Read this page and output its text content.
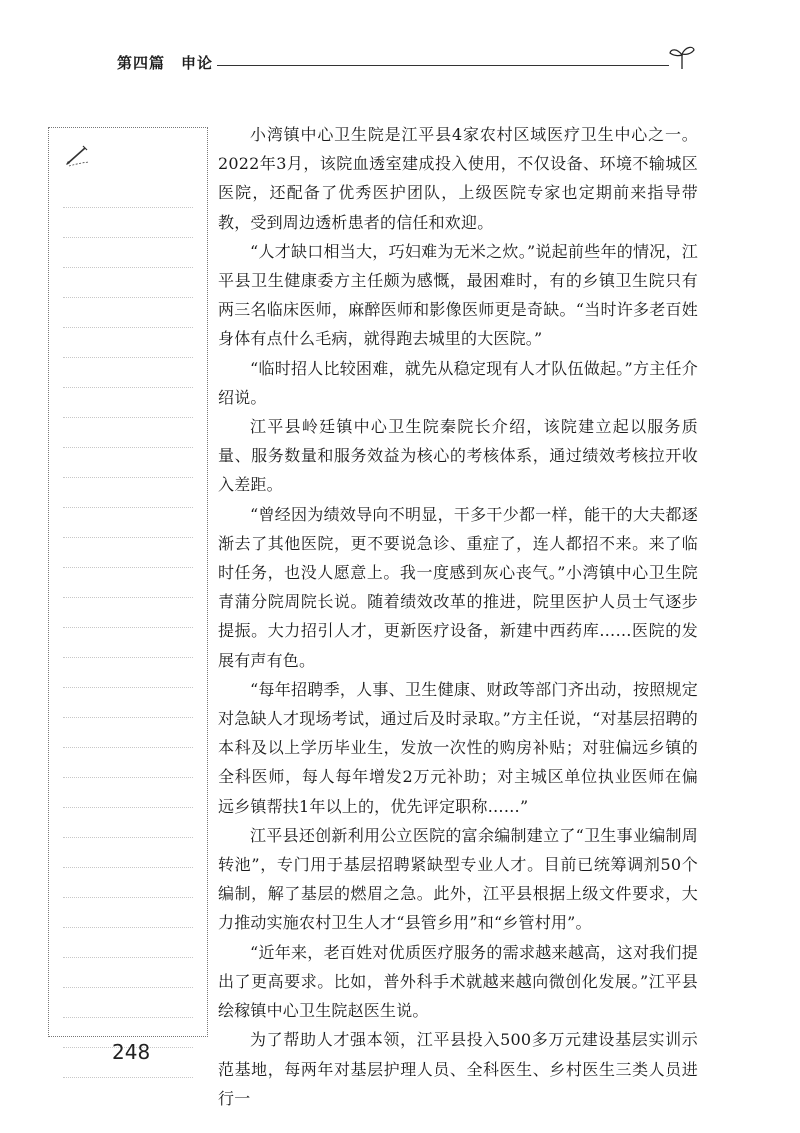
第四篇　申论

小湾镇中心卫生院是江平县4家农村区域医疗卫生中心之一。2022年3月，该院血透室建成投入使用，不仅设备、环境不输城区医院，还配备了优秀医护团队，上级医院专家也定期前来指导带教，受到周边透析患者的信任和欢迎。

“人才缺口相当大，巧妇难为无米之炊。”说起前些年的情况，江平县卫生健康委方主任颇为感慨，最困难时，有的乡镇卫生院只有两三名临床医师，麻醉医师和影像医师更是奇缺。“当时许多老百姓身体有点什么毛病，就得跑去城里的大医院。”

“临时招人比较困难，就先从稳定现有人才队伍做起。”方主任介绍说。

江平县岭廷镇中心卫生院秦院长介绍，该院建立起以服务质量、服务数量和服务效益为核心的考核体系，通过绩效考核拉开收入差距。

“曾经因为绩效导向不明显，干多干少都一样，能干的大夫都逐渐去了其他医院，更不要说急诊、重症了，连人都招不来。来了临时任务，也没人愿意上。我一度感到灰心丧气。”小湾镇中心卫生院青蒲分院周院长说。随着绩效改革的推进，院里医护人员士气逐步提振。大力招引人才，更新医疗设备，新建中西药库……医院的发展有声有色。

“每年招聘季，人事、卫生健康、财政等部门齐出动，按照规定对急缺人才现场考试，通过后及时录取。”方主任说，“对基层招聘的本科及以上学历毕业生，发放一次性的购房补贴；对驻偏远乡镇的全科医师，每人每年增发2万元补助；对主城区单位执业医师在偏远乡镇帮扶1年以上的，优先评定职称……”

江平县还创新利用公立医院的富余编制建立了“卫生事业编制周转池”，专门用于基层招聘紧缺型专业人才。目前已统筹调剂50个编制，解了基层的燃眉之急。此外，江平县根据上级文件要求，大力推动实施农村卫生人才“县管乡用”和“乡管村用”。

“近年来，老百姓对优质医疗服务的需求越来越高，这对我们提出了更高要求。比如，普外科手术就越来越向微创化发展。”江平县绘稼镇中心卫生院赵医生说。

为了帮助人才强本领，江平县投入500多万元建设基层实训示范基地，每两年对基层护理人员、全科医生、乡村医生三类人员进行一

248
